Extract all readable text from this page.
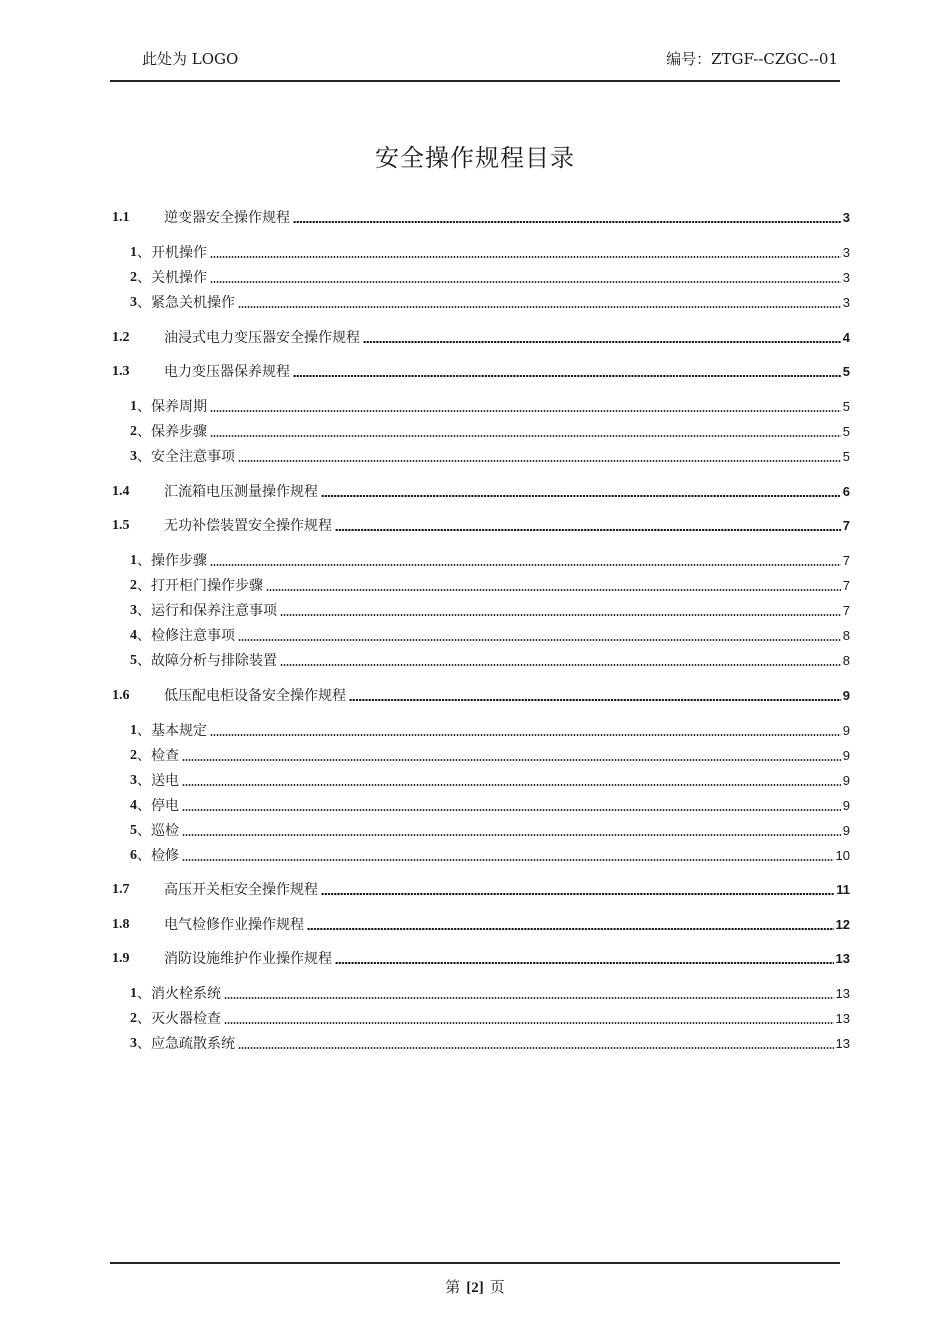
此处为 LOGO	编号：ZTGF--CZGC--01
安全操作规程目录
1.1	逆变器安全操作规程	3
1 、 开机操作	3
2 、 关机操作	3
3 、 紧急关机操作	3
1.2	油浸式电力变压器安全操作规程	4
1.3	电力变压器保养规程	5
1 、 保养周期	5
2 、 保养步骤	5
3 、 安全注意事项	5
1.4	汇流箱电压测量操作规程	6
1.5	无功补偿装置安全操作规程	7
1 、 操作步骤	7
2 、 打开柜门操作步骤	7
3 、 运行和保养注意事项	7
4 、 检修注意事项	8
5 、 故障分析与排除装置	8
1.6	低压配电柜设备安全操作规程	9
1 、 基本规定	9
2 、 检查	9
3 、 送电	9
4 、 停电	9
5 、 巡检	9
6 、 检修	10
1.7	高压开关柜安全操作规程	11
1.8	电气检修作业操作规程	12
1.9	消防设施维护作业操作规程	13
1 、 消火栓系统	13
2 、 灭火器检查	13
3 、 应急疏散系统	13
第 [2] 页
